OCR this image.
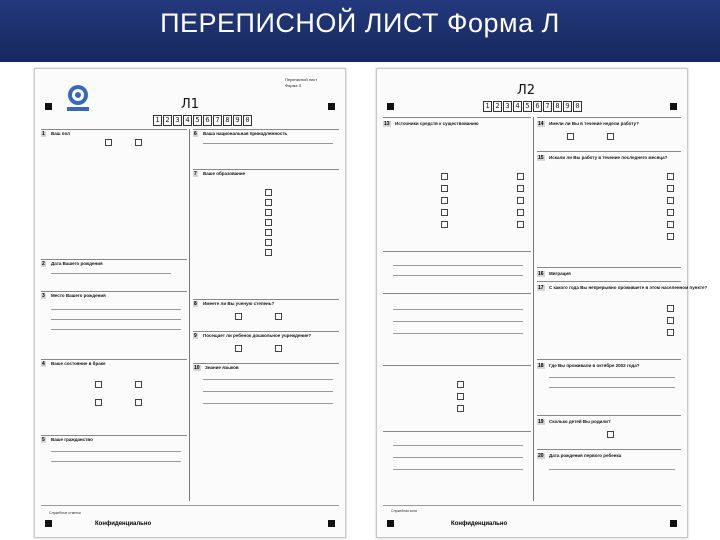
ПЕРЕПИСНОЙ ЛИСТ Форма Л
Переписной лист
Форма Л
Л1
1 2 3 4 5 6 7 8 9 0
1 Ваш пол
2 Дата Вашего рождения
3 Место Вашего рождения
4 Ваше состояние в браке
5 Ваше гражданство
6 Ваша национальная принадлежность
7 Ваше образование
8 Имеете ли Вы ученую степень?
9 Посещает ли ребенок дошкольное учреждение?
10 Знание языков
Служебные отметки
Конфиденциально
Л2
1 2 3 4 5 6 7 8 9 0
13 Источники средств к существованию	14 Имели ли Вы в течение недели работу?
15 Искали ли Вы работу в течение последнего месяца?
16 Миграция
17 С какого года Вы непрерывно проживаете в этом населенном пункте?
18 Где Вы проживали в октябре 2002 года?
19 Сколько детей Вы родили?
20 Дата рождения первого ребенка
Служебная зона
Конфиденциально
